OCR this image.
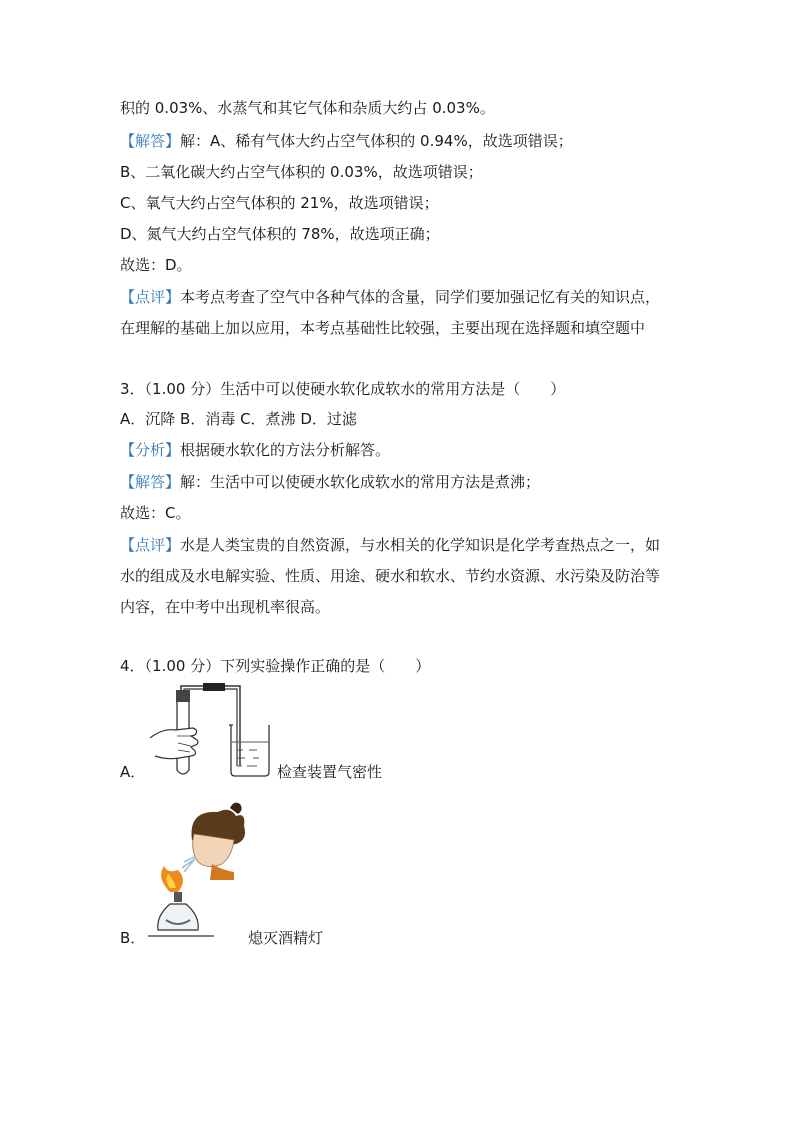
积的 0.03%、水蒸气和其它气体和杂质大约占 0.03%。
【解答】解：A、稀有气体大约占空气体积的 0.94%，故选项错误；
B、二氧化碳大约占空气体积的 0.03%，故选项错误；
C、氧气大约占空气体积的 21%，故选项错误；
D、氮气大约占空气体积的 78%，故选项正确；
故选：D。
【点评】本考点考查了空气中各种气体的含量，同学们要加强记忆有关的知识点，
在理解的基础上加以应用，本考点基础性比较强，主要出现在选择题和填空题中
3．（1.00 分）生活中可以使硬水软化成软水的常用方法是（　　）
A．沉降 B．消毒 C．煮沸 D．过滤
【分析】根据硬水软化的方法分析解答。
【解答】解：生活中可以使硬水软化成软水的常用方法是煮沸；
故选：C。
【点评】水是人类宝贵的自然资源，与水相关的化学知识是化学考查热点之一，如
水的组成及水电解实验、性质、用途、硬水和软水、节约水资源、水污染及防治等
内容，在中考中出现机率很高。
4．（1.00 分）下列实验操作正确的是（　　）
A．	检查装置气密性
B．	熄灭酒精灯
